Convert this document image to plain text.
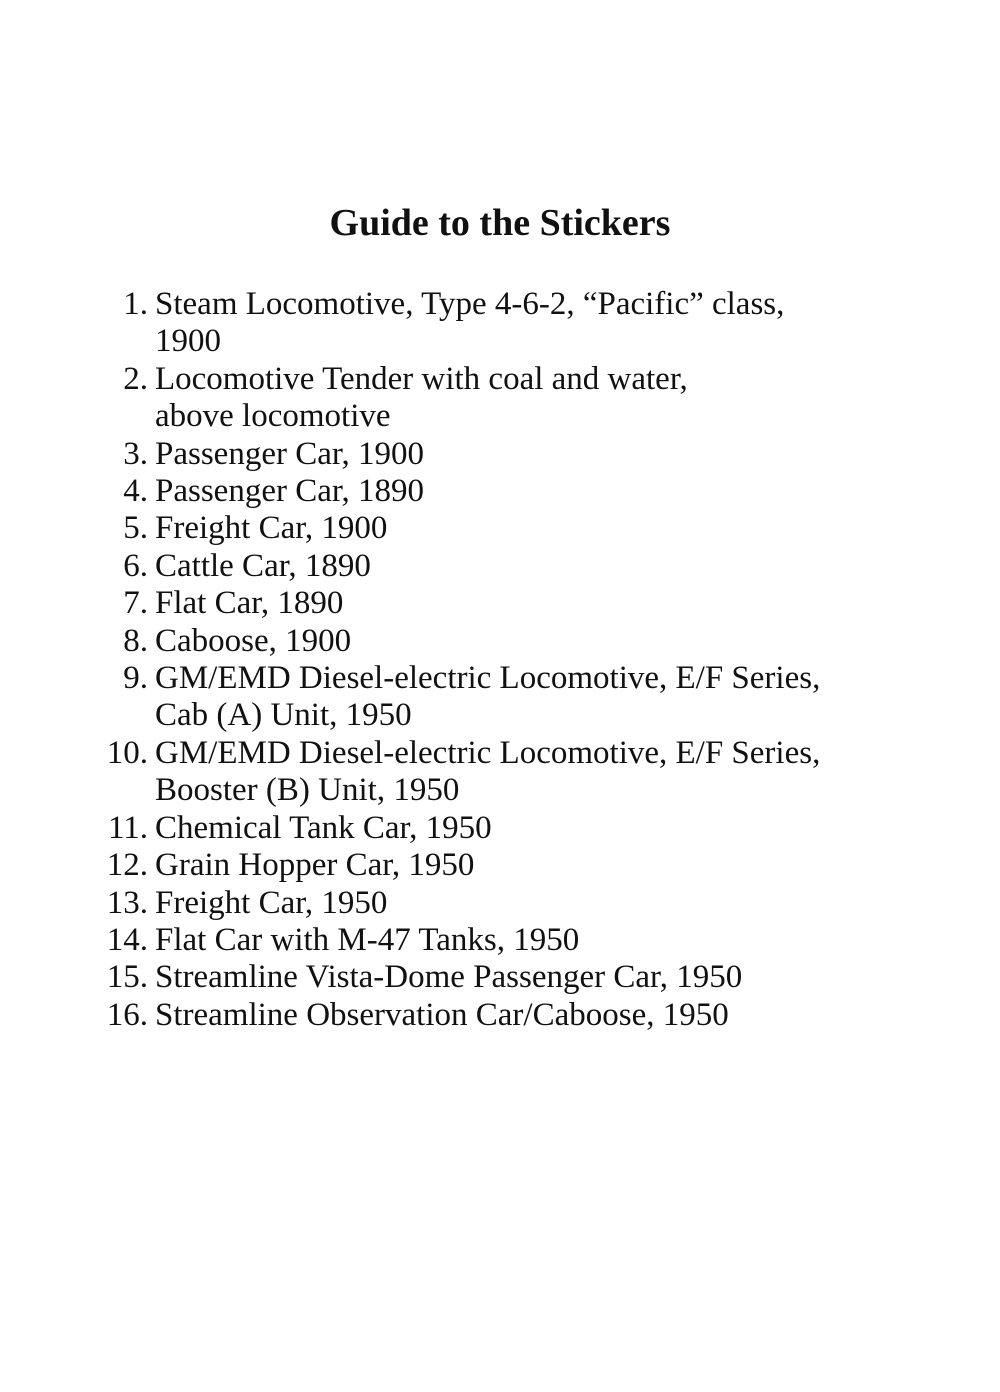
Guide to the Stickers
1. Steam Locomotive, Type 4-6-2, “Pacific” class,
1900
2. Locomotive Tender with coal and water,
above locomotive
3. Passenger Car, 1900
4. Passenger Car, 1890
5. Freight Car, 1900
6. Cattle Car, 1890
7. Flat Car, 1890
8. Caboose, 1900
9. GM/EMD Diesel-electric Locomotive, E/F Series,
Cab (A) Unit, 1950
10. GM/EMD Diesel-electric Locomotive, E/F Series,
Booster (B) Unit, 1950
11. Chemical Tank Car, 1950
12. Grain Hopper Car, 1950
13. Freight Car, 1950
14. Flat Car with M-47 Tanks, 1950
15. Streamline Vista-Dome Passenger Car, 1950
16. Streamline Observation Car/Caboose, 1950
